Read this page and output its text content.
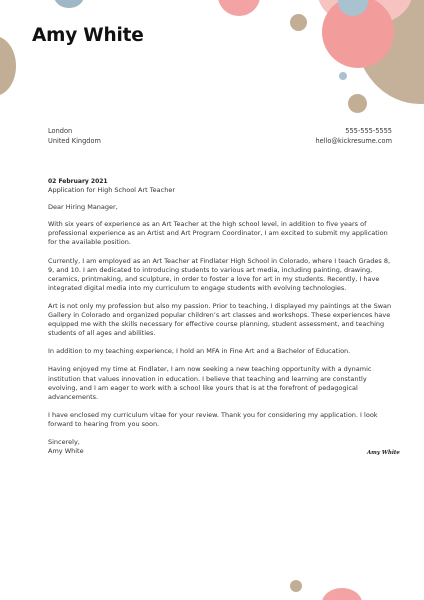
Amy White
London
United Kingdom
555-555-5555
hello@kickresume.com
02 February 2021
Application for High School Art Teacher
Dear Hiring Manager,
With six years of experience as an Art Teacher at the high school level, in addition to five years of professional experience as an Artist and Art Program Coordinator, I am excited to submit my application for the available position.
Currently, I am employed as an Art Teacher at Findlater High School in Colorado, where I teach Grades 8, 9, and 10. I am dedicated to introducing students to various art media, including painting, drawing, ceramics, printmaking, and sculpture, in order to foster a love for art in my students. Recently, I have integrated digital media into my curriculum to engage students with evolving technologies.
Art is not only my profession but also my passion. Prior to teaching, I displayed my paintings at the Swan Gallery in Colorado and organized popular children’s art classes and workshops. These experiences have equipped me with the skills necessary for effective course planning, student assessment, and teaching students of all ages and abilities.
In addition to my teaching experience, I hold an MFA in Fine Art and a Bachelor of Education.
Having enjoyed my time at Findlater, I am now seeking a new teaching opportunity with a dynamic institution that values innovation in education. I believe that teaching and learning are constantly evolving, and I am eager to work with a school like yours that is at the forefront of pedagogical advancements.
I have enclosed my curriculum vitae for your review. Thank you for considering my application. I look forward to hearing from you soon.
Sincerely,
Amy White	Amy White
